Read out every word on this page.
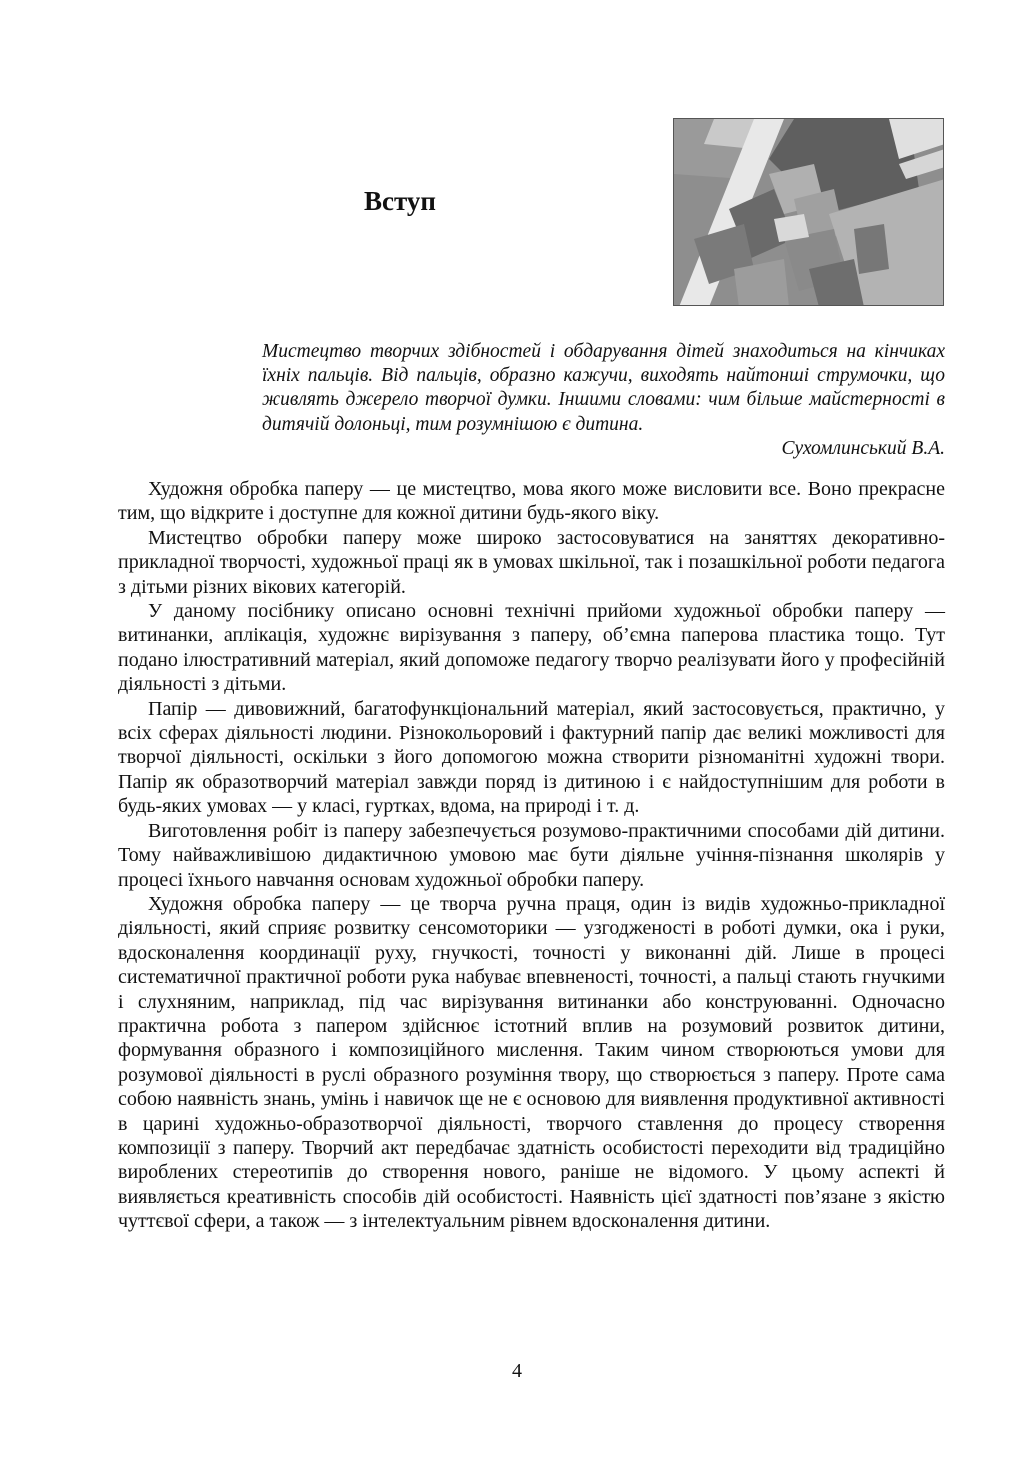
Вступ

Мистецтво творчих здібностей і обдарування дітей знаходиться на кінчиках їхніх пальців. Від пальців, образно кажучи, виходять найтонші струмочки, що живлять джерело творчої думки. Іншими словами: чим більше майстерності в дитячій долоньці, тим розумнішою є дитина.

Сухомлинський В.А.

Художня обробка паперу — це мистецтво, мова якого може висловити все. Воно прекрасне тим, що відкрите і доступне для кожної дитини будь-якого віку.

Мистецтво обробки паперу може широко застосовуватися на заняттях декоративно-прикладної творчості, художньої праці як в умовах шкільної, так і позашкільної роботи педагога з дітьми різних вікових категорій.

У даному посібнику описано основні технічні прийоми художньої обробки паперу — витинанки, аплікація, художнє вирізування з паперу, об’ємна паперова пластика тощо. Тут подано ілюстративний матеріал, який допоможе педагогу творчо реалізувати його у професійній діяльності з дітьми.

Папір — дивовижний, багатофункціональний матеріал, який застосовується, практично, у всіх сферах діяльності людини. Різнокольоровий і фактурний папір дає великі можливості для творчої діяльності, оскільки з його допомогою можна створити різноманітні художні твори. Папір як образотворчий матеріал завжди поряд із дитиною і є найдоступнішим для роботи в будь-яких умовах — у класі, гуртках, вдома, на природі і т. д.

Виготовлення робіт із паперу забезпечується розумово-практичними способами дій дитини. Тому найважливішою дидактичною умовою має бути діяльне учіння-пізнання школярів у процесі їхнього навчання основам художньої обробки паперу.

Художня обробка паперу — це творча ручна праця, один із видів художньо-прикладної діяльності, який сприяє розвитку сенсомоторики — узгодженості в роботі думки, ока і руки, вдосконалення координації руху, гнучкості, точності у виконанні дій. Лише в процесі систематичної практичної роботи рука набуває впевненості, точності, а пальці стають гнучкими і слухняним, наприклад, під час вирізування витинанки або конструюванні. Одночасно практична робота з папером здійснює істотний вплив на розумовий розвиток дитини, формування образного і композиційного мислення. Таким чином створюються умови для розумової діяльності в руслі образного розуміння твору, що створюється з паперу. Проте сама собою наявність знань, умінь і навичок ще не є основою для виявлення продуктивної активності в царині художньо-образотворчої діяльності, творчого ставлення до процесу створення композиції з паперу. Творчий акт передбачає здатність особистості переходити від традиційно вироблених стереотипів до створення нового, раніше не відомого. У цьому аспекті й виявляється креативність способів дій особистості. Наявність цієї здатності пов’язане з якістю чуттєвої сфери, а також — з інтелектуальним рівнем вдосконалення дитини.

4
